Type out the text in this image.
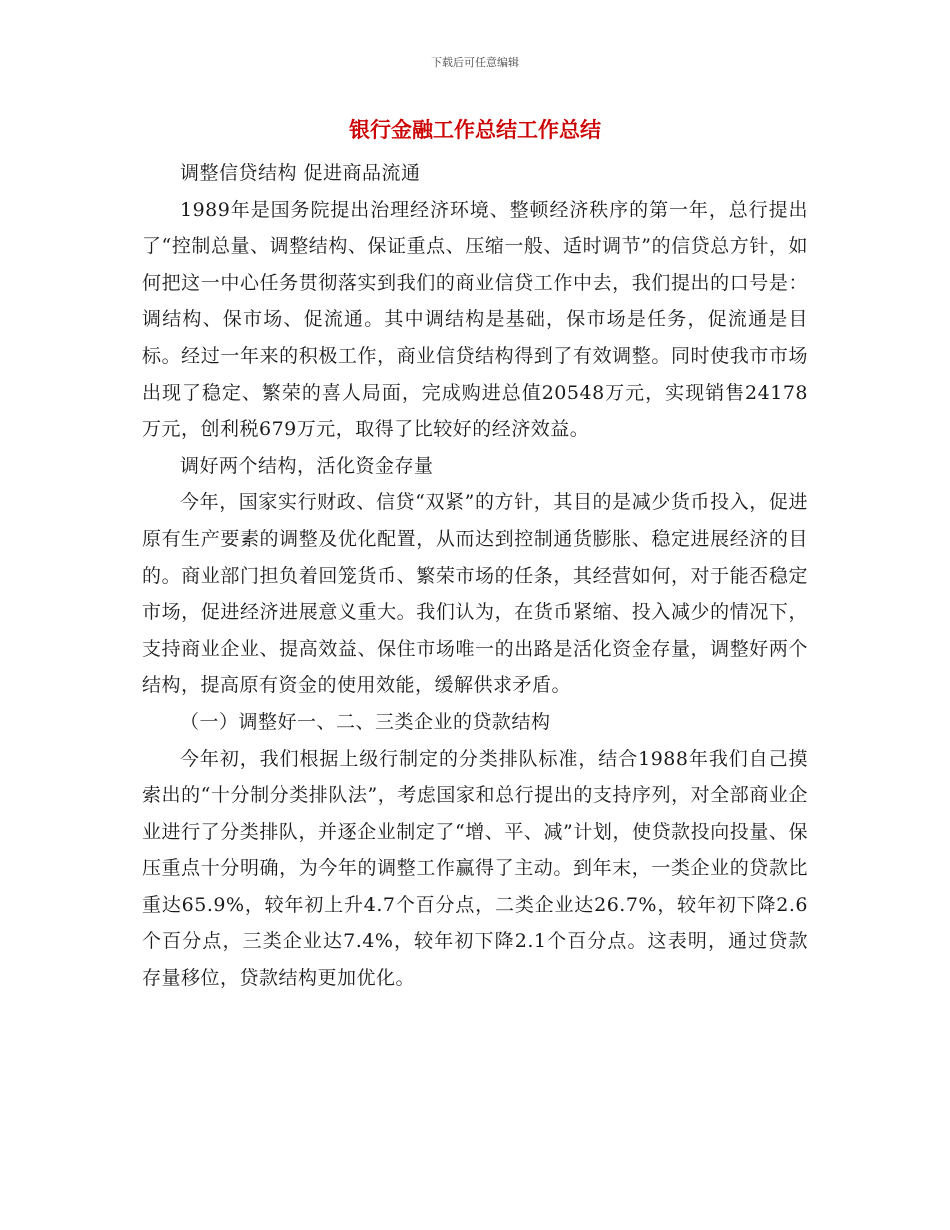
下载后可任意编辑
银行金融工作总结工作总结

调整信贷结构 促进商品流通

1989年是国务院提出治理经济环境、整顿经济秩序的第一年，总行提出了“控制总量、调整结构、保证重点、压缩一般、适时调节”的信贷总方针，如何把这一中心任务贯彻落实到我们的商业信贷工作中去，我们提出的口号是：调结构、保市场、促流通。其中调结构是基础，保市场是任务，促流通是目标。经过一年来的积极工作，商业信贷结构得到了有效调整。同时使我市市场出现了稳定、繁荣的喜人局面，完成购进总值20548万元，实现销售24178万元，创利税679万元，取得了比较好的经济效益。

调好两个结构，活化资金存量

今年，国家实行财政、信贷“双紧”的方针，其目的是减少货币投入，促进原有生产要素的调整及优化配置，从而达到控制通货膨胀、稳定进展经济的目的。商业部门担负着回笼货币、繁荣市场的任条，其经营如何，对于能否稳定市场，促进经济进展意义重大。我们认为，在货币紧缩、投入减少的情况下，支持商业企业、提高效益、保住市场唯一的出路是活化资金存量，调整好两个结构，提高原有资金的使用效能，缓解供求矛盾。

（一）调整好一、二、三类企业的贷款结构

今年初，我们根据上级行制定的分类排队标准，结合1988年我们自己摸索出的“十分制分类排队法”，考虑国家和总行提出的支持序列，对全部商业企业进行了分类排队，并逐企业制定了“增、平、减”计划，使贷款投向投量、保压重点十分明确，为今年的调整工作赢得了主动。到年末，一类企业的贷款比重达65.9%，较年初上升4.7个百分点，二类企业达26.7%，较年初下降2.6个百分点，三类企业达7.4%，较年初下降2.1个百分点。这表明，通过贷款存量移位，贷款结构更加优化。
